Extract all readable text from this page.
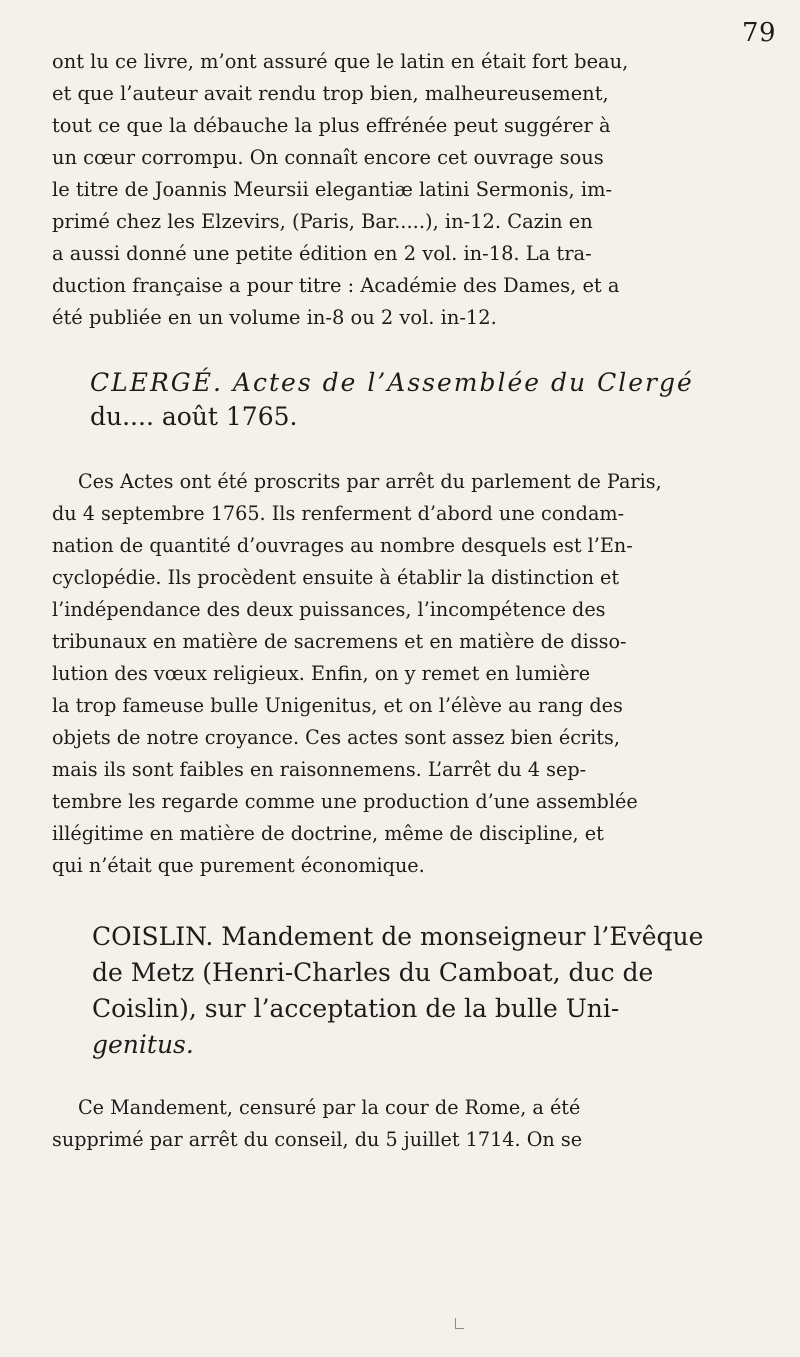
79
ont lu ce livre, m’ont assuré que le latin en était fort beau,
et que l’auteur avait rendu trop bien, malheureusement,
tout ce que la débauche la plus effrénée peut suggérer à
un cœur corrompu. On connaît encore cet ouvrage sous
le titre de Joannis Meursii elegantiæ latini Sermonis, im-
primé chez les Elzevirs, (Paris, Bar.....), in-12. Cazin en
a aussi donné une petite édition en 2 vol. in-18. La tra-
duction française a pour titre : Académie des Dames, et a
été publiée en un volume in-8 ou 2 vol. in-12.
CLERGÉ. Actes de l’Assemblée du Clergé
du.... août 1765.
Ces Actes ont été proscrits par arrêt du parlement de Paris,
du 4 septembre 1765. Ils renferment d’abord une condam-
nation de quantité d’ouvrages au nombre desquels est l’En-
cyclopédie. Ils procèdent ensuite à établir la distinction et
l’indépendance des deux puissances, l’incompétence des
tribunaux en matière de sacremens et en matière de disso-
lution des vœux religieux. Enfin, on y remet en lumière
la trop fameuse bulle Unigenitus, et on l’élève au rang des
objets de notre croyance. Ces actes sont assez bien écrits,
mais ils sont faibles en raisonnemens. L’arrêt du 4 sep-
tembre les regarde comme une production d’une assemblée
illégitime en matière de doctrine, même de discipline, et
qui n’était que purement économique.
COISLIN. Mandement de monseigneur l’Evêque
de Metz (Henri-Charles du Camboat, duc de
Coislin), sur l’acceptation de la bulle Uni-
genitus.
Ce Mandement, censuré par la cour de Rome, a été
supprimé par arrêt du conseil, du 5 juillet 1714. On se
